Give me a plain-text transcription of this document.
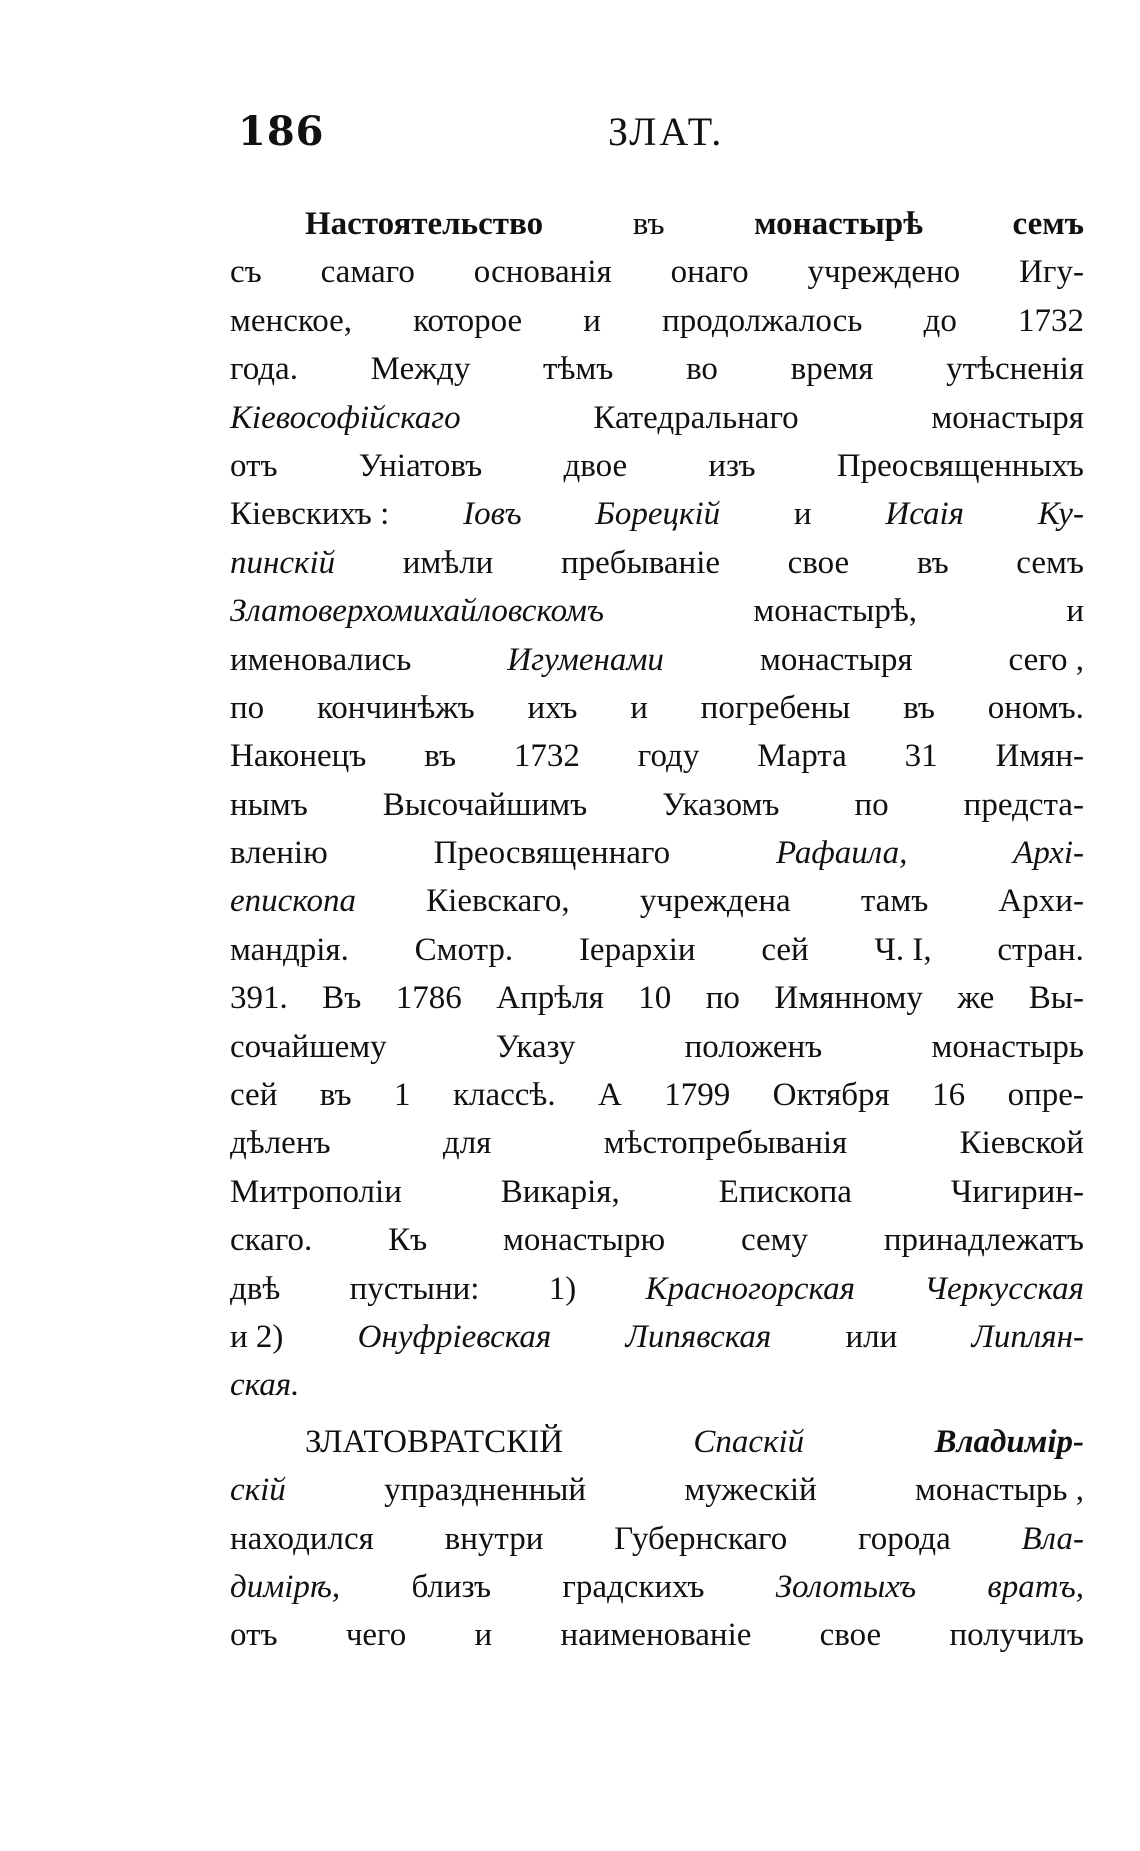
186	ЗЛАТ.
Настоятельство	въ	монастырѣ	семъ
съ самаго основанія онаго учреждено Игу-
менское, которое и продолжалось до 1732
года. Между тѣмъ во время утѣсненія
Кіевософійскаго	Катедральнаго	монастыря
отъ Уніатовъ двое изъ Преосвященныхъ
Кіевскихъ : Іовъ Борецкій и Исаія Ку-
пинскій имѣли пребываніе свое въ семъ
Златоверхомихайловскомъ	монастырѣ,	и
именовались	Игуменами	монастыря	сего ,
по кончинѣжъ ихъ и погребены въ ономъ.
Наконецъ въ 1732 году Марта 31 Имян-
нымъ Высочайшимъ Указомъ по предста-
вленію	Преосвященнаго	Рафаила,	Архі-
епископа Кіевскаго, учреждена тамъ Архи-
мандрія. Смотр. Іерархіи сей Ч. I, стран.
391. Въ 1786 Апрѣля 10 по Имянному же Вы-
сочайшему	Указу	положенъ	монастырь
сей въ 1 классѣ. А 1799 Октября 16 опре-
дѣленъ	для	мѣстопребыванія	Кіевской
Митрополіи	Викарія,	Епископа	Чигирин-
скаго. Къ монастырю сему принадлежатъ
двѣ пустыни: 1) Красногорская Черкусская
и 2) Онуфріевская Липявская или Липлян-
ская.
ЗЛАТОВРАТСКІЙ	Спаскій	Владимір-
скій	упраздненный	мужескій	монастырь ,
находился внутри Губернскаго города Вла-
димірѣ, близъ градскихъ Золотыхъ вратъ,
отъ чего и наименованіе свое получилъ
